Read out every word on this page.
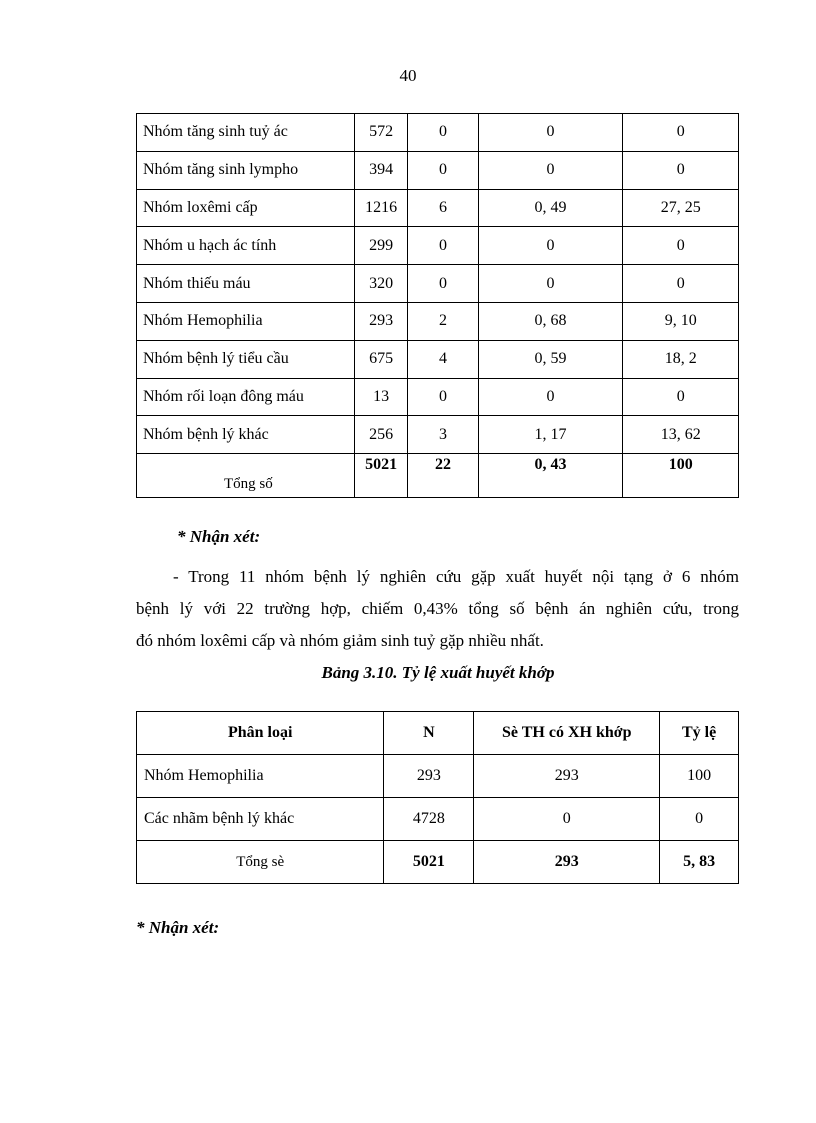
40
Nhóm tăng sinh tuỷ ác	572	0	0	0
Nhóm tăng sinh lympho	394	0	0	0
Nhóm loxêmi cấp	1216	6	0, 49	27, 25
Nhóm u hạch ác tính	299	0	0	0
Nhóm thiếu máu	320	0	0	0
Nhóm Hemophilia	293	2	0, 68	9, 10
Nhóm bệnh lý tiểu cầu	675	4	0, 59	18, 2
Nhóm rối loạn đông máu	13	0	0	0
Nhóm bệnh lý khác	256	3	1, 17	13, 62
Tổng số	5021	22	0, 43	100
* Nhận xét:
- Trong 11 nhóm bệnh lý nghiên cứu gặp xuất huyết nội tạng ở 6 nhóm
bệnh lý với 22 trường hợp, chiếm 0,43% tổng số bệnh án nghiên cứu, trong
đó nhóm loxêmi cấp và nhóm giảm sinh tuỷ gặp nhiều nhất.
Bảng 3.10. Tỷ lệ xuất huyết khớp
Phân loại	N	Sè TH có XH khớp	Tỷ lệ
Nhóm Hemophilia	293	293	100
Các nhãm bệnh lý khác	4728	0	0
Tổng sè	5021	293	5, 83
* Nhận xét:
